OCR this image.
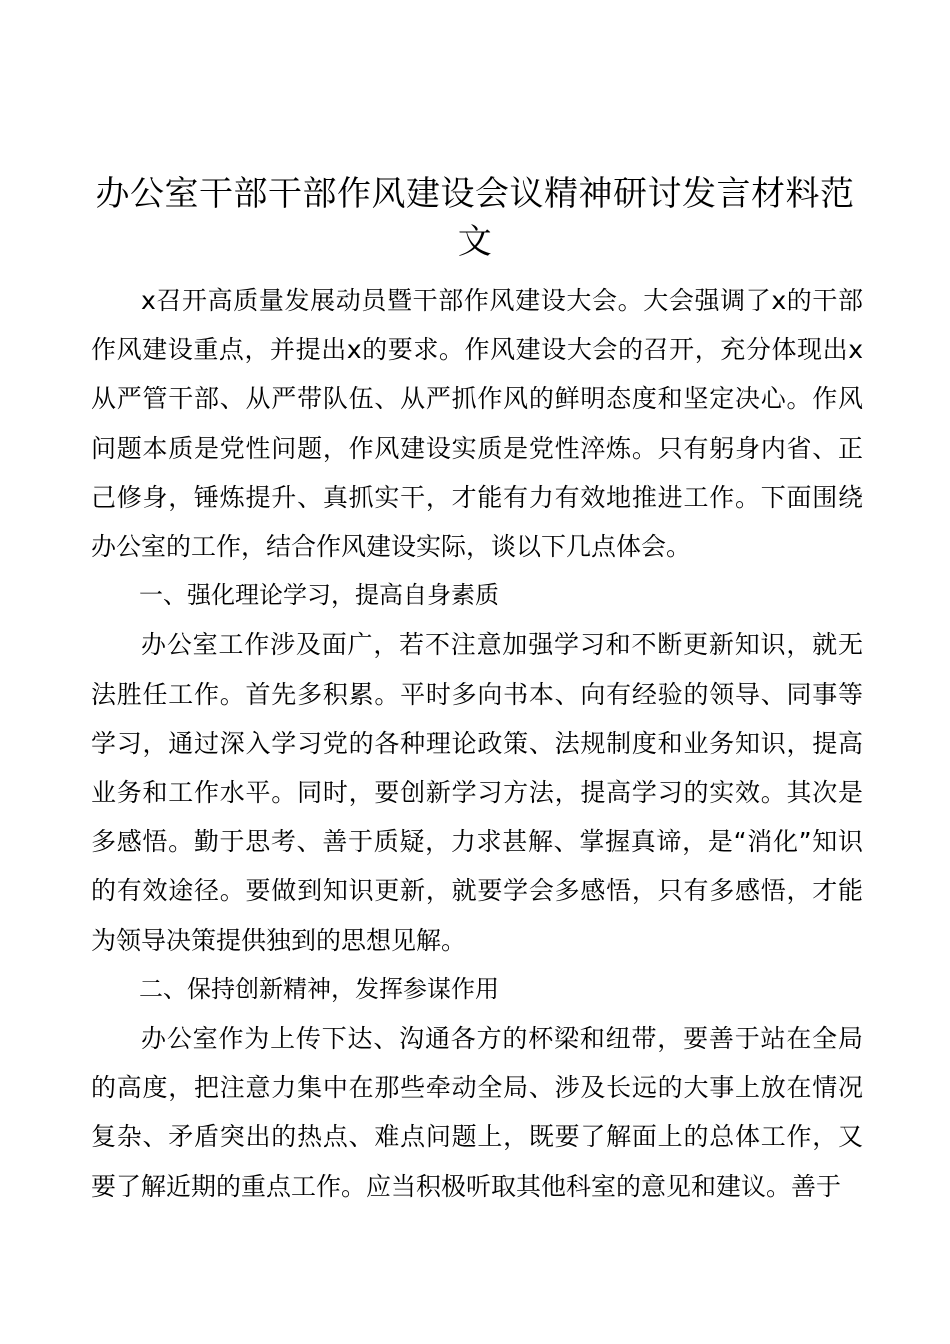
办公室干部干部作风建设会议精神研讨发言材料范文

x召开高质量发展动员暨干部作风建设大会。大会强调了x的干部作风建设重点，并提出x的要求。作风建设大会的召开，充分体现出x从严管干部、从严带队伍、从严抓作风的鲜明态度和坚定决心。作风问题本质是党性问题，作风建设实质是党性淬炼。只有躬身内省、正己修身，锤炼提升、真抓实干，才能有力有效地推进工作。下面围绕办公室的工作，结合作风建设实际，谈以下几点体会。

一、强化理论学习，提高自身素质

办公室工作涉及面广，若不注意加强学习和不断更新知识，就无法胜任工作。首先多积累。平时多向书本、向有经验的领导、同事等学习，通过深入学习党的各种理论政策、法规制度和业务知识，提高业务和工作水平。同时，要创新学习方法，提高学习的实效。其次是多感悟。勤于思考、善于质疑，力求甚解、掌握真谛，是“消化”知识的有效途径。要做到知识更新，就要学会多感悟，只有多感悟，才能为领导决策提供独到的思想见解。

二、保持创新精神，发挥参谋作用

办公室作为上传下达、沟通各方的杯梁和纽带，要善于站在全局的高度，把注意力集中在那些牵动全局、涉及长远的大事上放在情况复杂、矛盾突出的热点、难点问题上，既要了解面上的总体工作，又要了解近期的重点工作。应当积极听取其他科室的意见和建议。善于
